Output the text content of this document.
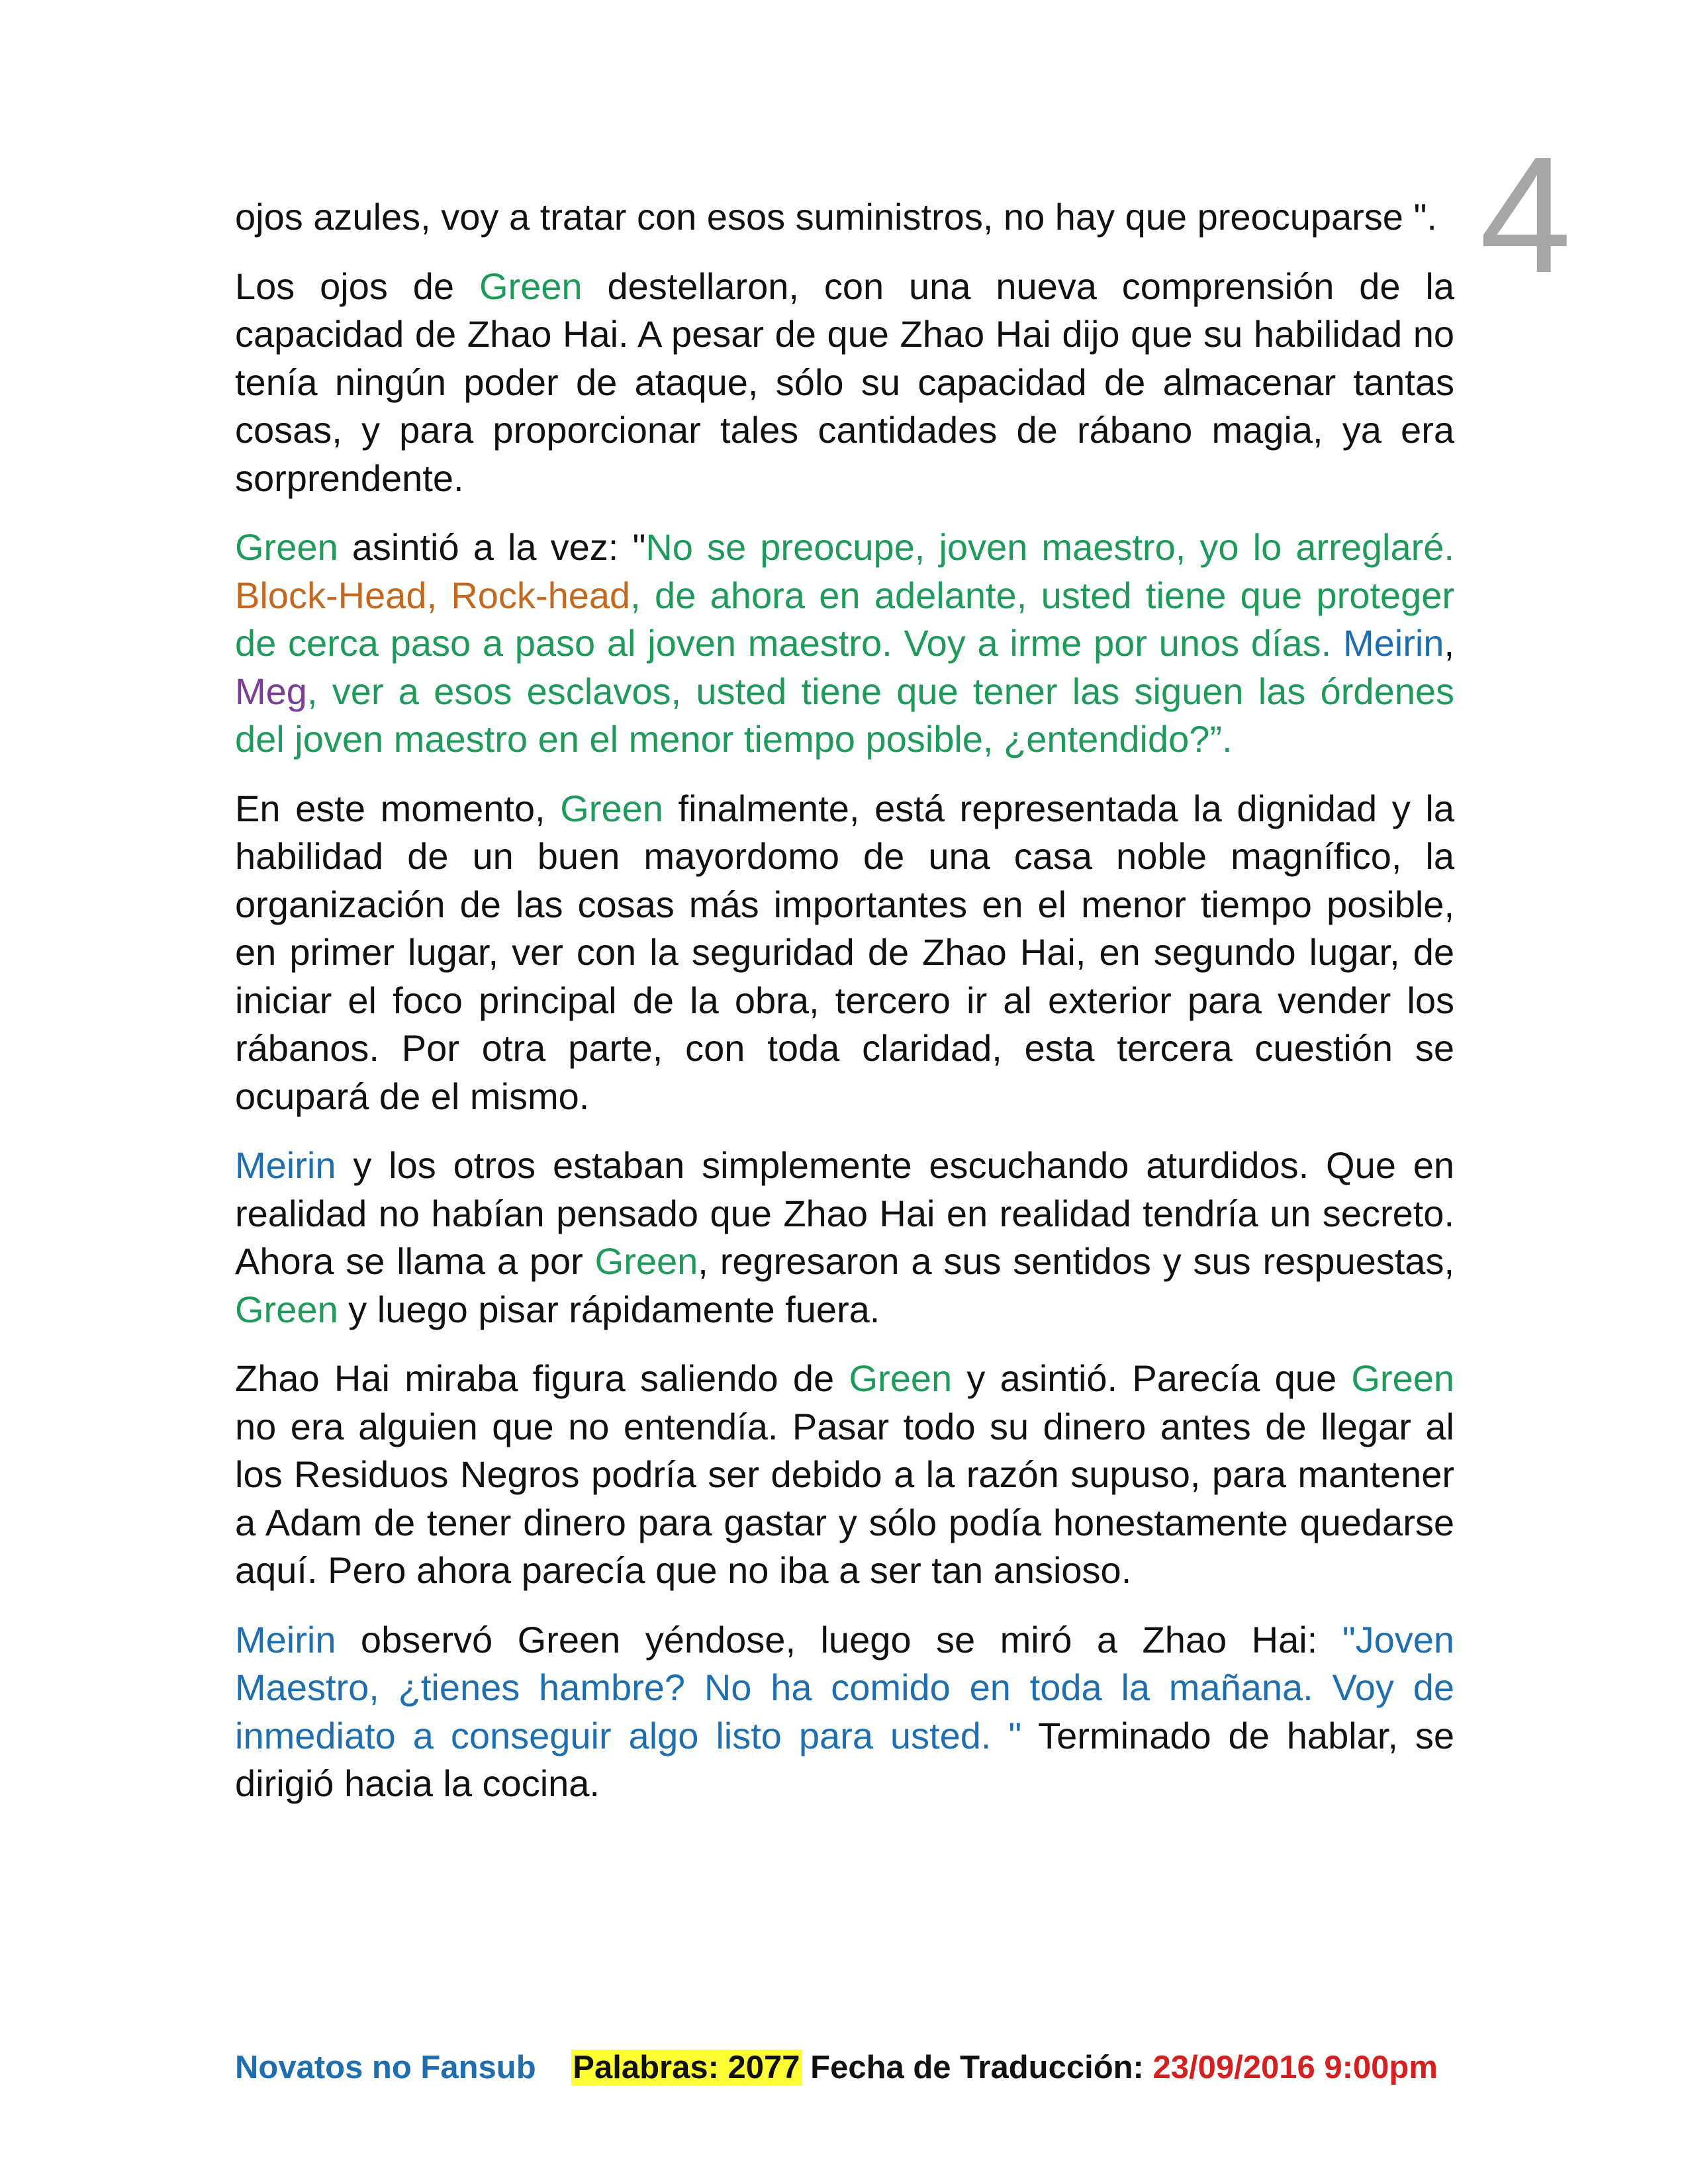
4

ojos azules, voy a tratar con esos suministros, no hay que preocuparse ".

Los ojos de Green destellaron, con una nueva comprensión de la capacidad de Zhao Hai. A pesar de que Zhao Hai dijo que su habilidad no tenía ningún poder de ataque, sólo su capacidad de almacenar tantas cosas, y para proporcionar tales cantidades de rábano magia, ya era sorprendente.

Green asintió a la vez: "No se preocupe, joven maestro, yo lo arreglaré. Block-Head, Rock-head, de ahora en adelante, usted tiene que proteger de cerca paso a paso al joven maestro. Voy a irme por unos días. Meirin, Meg, ver a esos esclavos, usted tiene que tener las siguen las órdenes del joven maestro en el menor tiempo posible, ¿entendido?”.

En este momento, Green finalmente, está representada la dignidad y la habilidad de un buen mayordomo de una casa noble magnífico, la organización de las cosas más importantes en el menor tiempo posible, en primer lugar, ver con la seguridad de Zhao Hai, en segundo lugar, de iniciar el foco principal de la obra, tercero ir al exterior para vender los rábanos. Por otra parte, con toda claridad, esta tercera cuestión se ocupará de el mismo.

Meirin y los otros estaban simplemente escuchando aturdidos. Que en realidad no habían pensado que Zhao Hai en realidad tendría un secreto. Ahora se llama a por Green, regresaron a sus sentidos y sus respuestas, Green y luego pisar rápidamente fuera.

Zhao Hai miraba figura saliendo de Green y asintió. Parecía que Green no era alguien que no entendía. Pasar todo su dinero antes de llegar al los Residuos Negros podría ser debido a la razón supuso, para mantener a Adam de tener dinero para gastar y sólo podía honestamente quedarse aquí. Pero ahora parecía que no iba a ser tan ansioso.

Meirin observó Green yéndose, luego se miró a Zhao Hai: "Joven Maestro, ¿tienes hambre? No ha comido en toda la mañana. Voy de inmediato a conseguir algo listo para usted. " Terminado de hablar, se dirigió hacia la cocina.

Novatos no Fansub Palabras: 2077 Fecha de Traducción: 23/09/2016 9:00pm
